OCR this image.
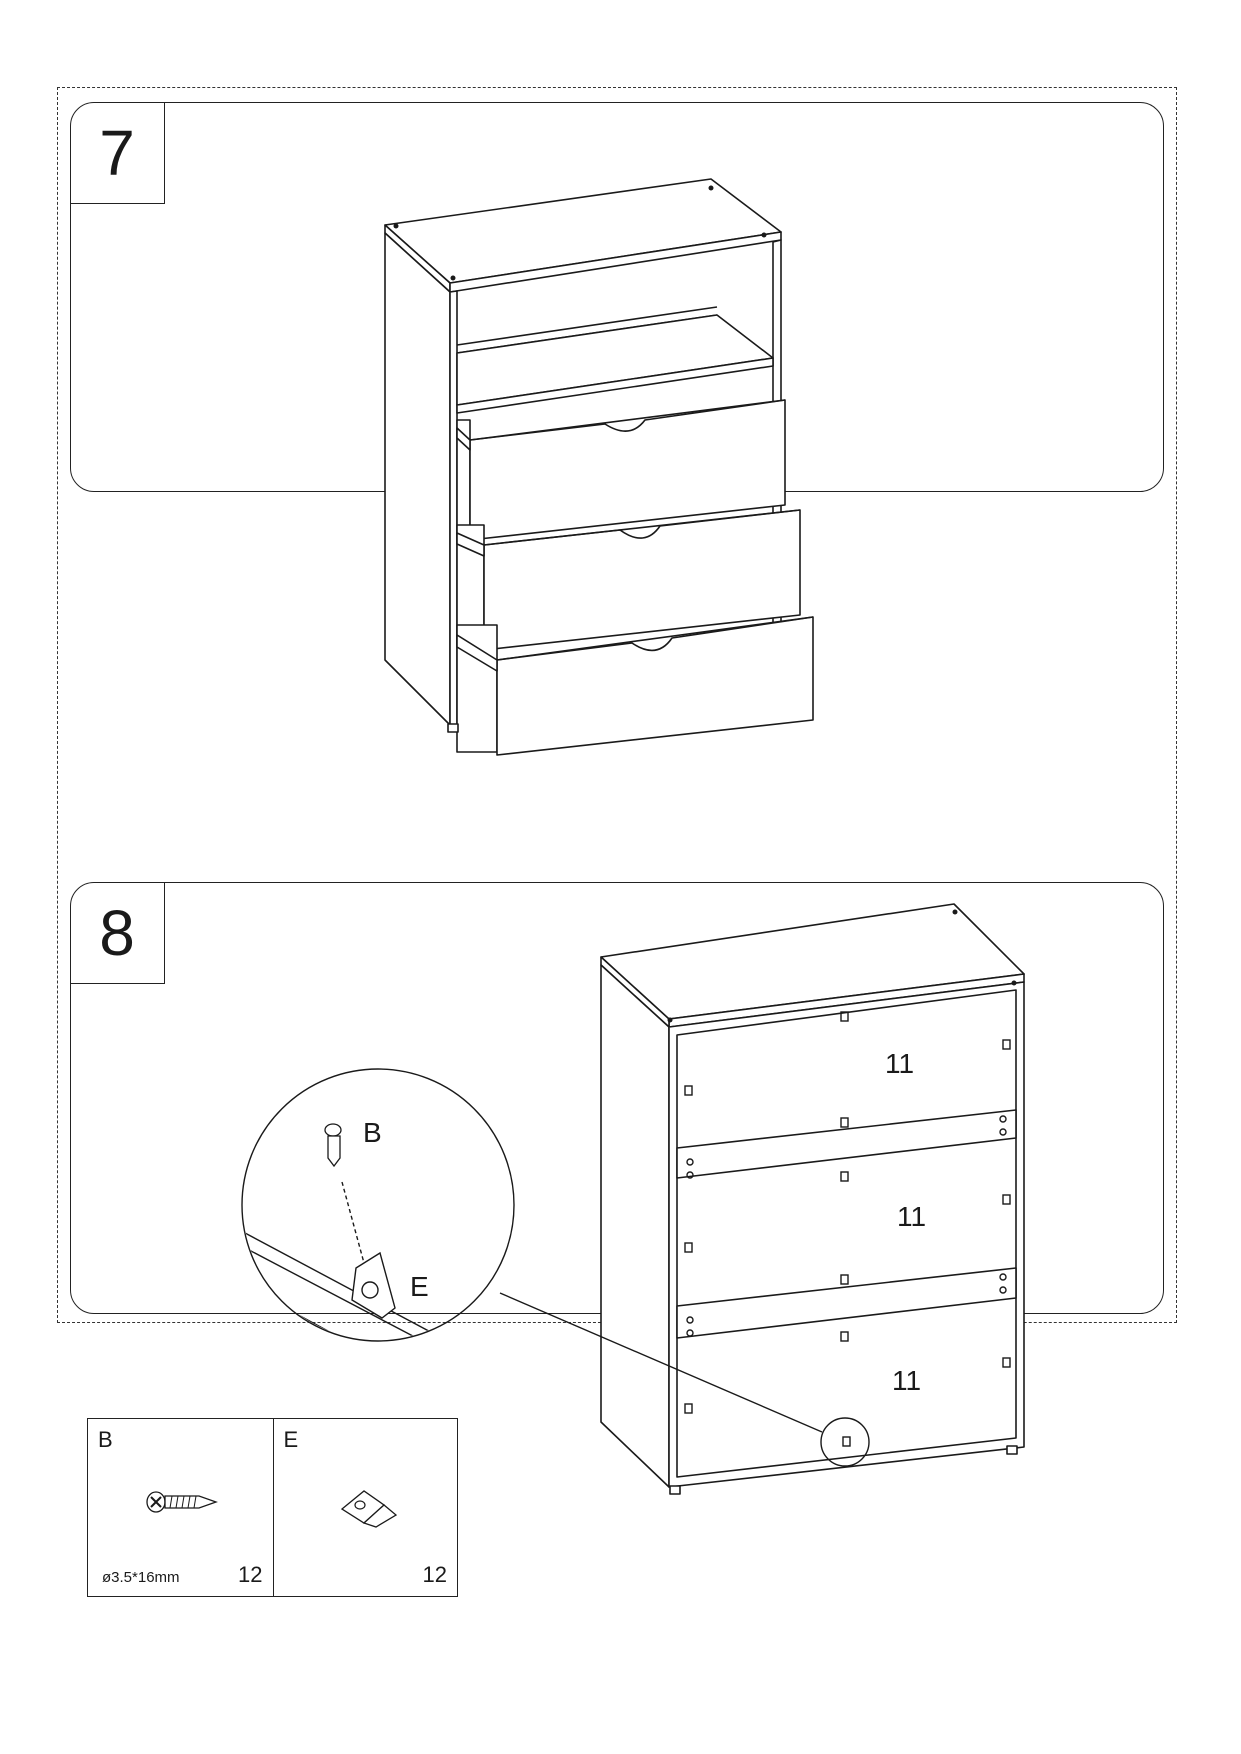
7
8
B
E
11
11
11
B
ø3.5*16mm	12
E
12
